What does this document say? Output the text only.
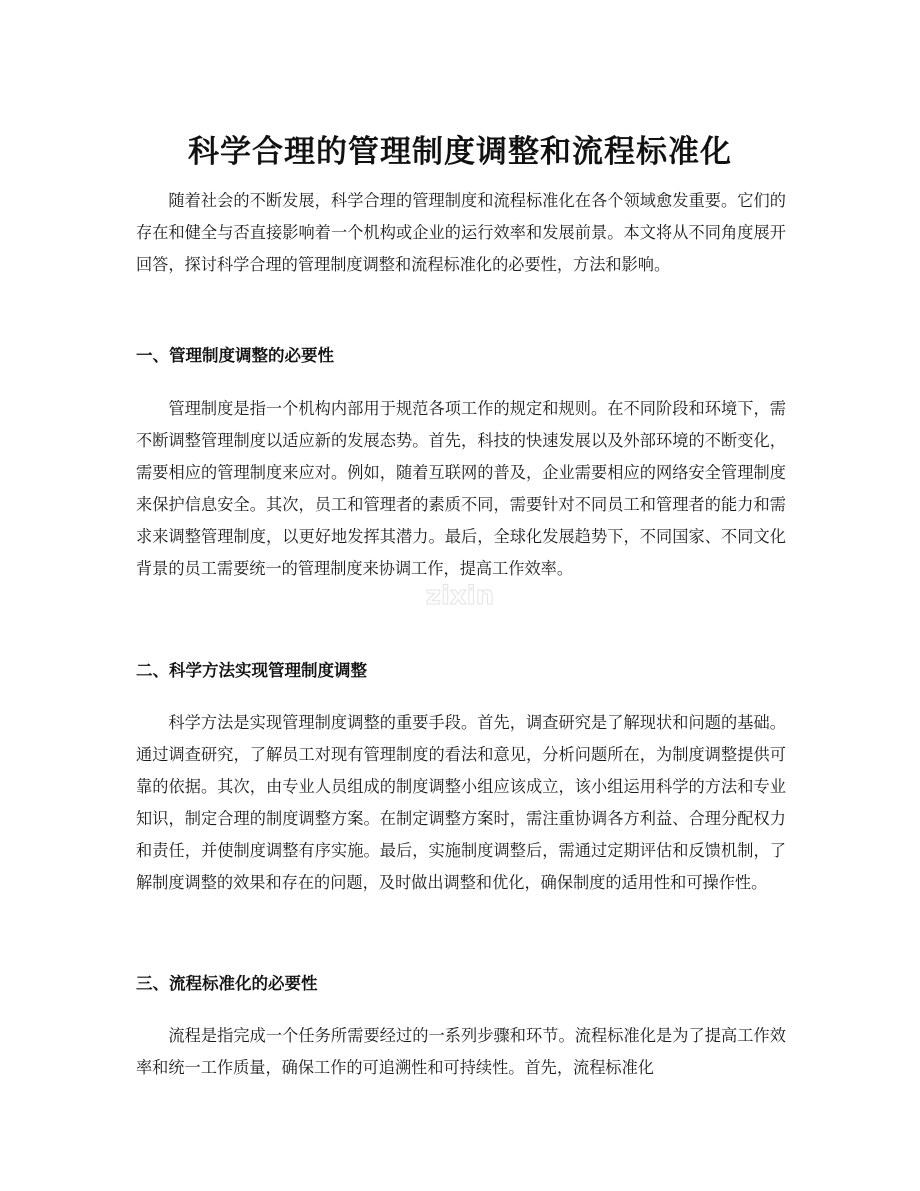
科学合理的管理制度调整和流程标准化

随着社会的不断发展，科学合理的管理制度和流程标准化在各个领域愈发重要。它们的存在和健全与否直接影响着一个机构或企业的运行效率和发展前景。本文将从不同角度展开回答，探讨科学合理的管理制度调整和流程标准化的必要性，方法和影响。

一、管理制度调整的必要性

管理制度是指一个机构内部用于规范各项工作的规定和规则。在不同阶段和环境下，需不断调整管理制度以适应新的发展态势。首先，科技的快速发展以及外部环境的不断变化，需要相应的管理制度来应对。例如，随着互联网的普及，企业需要相应的网络安全管理制度来保护信息安全。其次，员工和管理者的素质不同，需要针对不同员工和管理者的能力和需求来调整管理制度，以更好地发挥其潜力。最后，全球化发展趋势下，不同国家、不同文化背景的员工需要统一的管理制度来协调工作，提高工作效率。

二、科学方法实现管理制度调整

科学方法是实现管理制度调整的重要手段。首先，调查研究是了解现状和问题的基础。通过调查研究，了解员工对现有管理制度的看法和意见，分析问题所在，为制度调整提供可靠的依据。其次，由专业人员组成的制度调整小组应该成立，该小组运用科学的方法和专业知识，制定合理的制度调整方案。在制定调整方案时，需注重协调各方利益、合理分配权力和责任，并使制度调整有序实施。最后，实施制度调整后，需通过定期评估和反馈机制，了解制度调整的效果和存在的问题，及时做出调整和优化，确保制度的适用性和可操作性。

三、流程标准化的必要性

流程是指完成一个任务所需要经过的一系列步骤和环节。流程标准化是为了提高工作效率和统一工作质量，确保工作的可追溯性和可持续性。首先，流程标准化

zixin
